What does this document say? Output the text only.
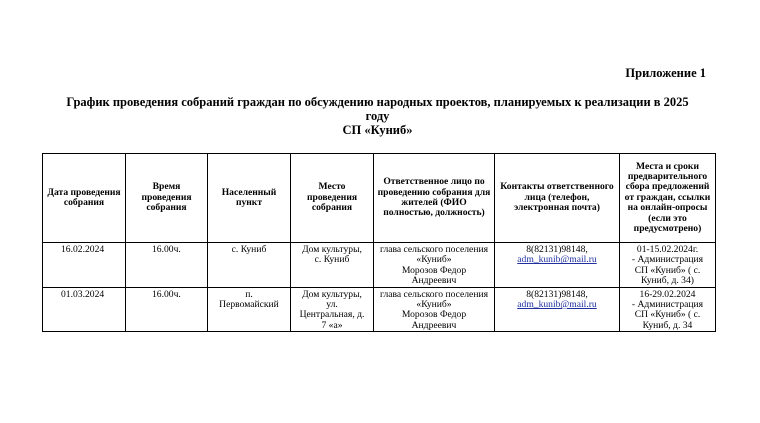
Приложение 1
График проведения собраний граждан по обсуждению народных проектов, планируемых к реализации в 2025
году
СП «Куниб»
Дата проведения собрания	Время проведения собрания	Населенный пункт	Место проведения собрания	Ответственное лицо по проведению собрания для жителей (ФИО полностью, должность)	Контакты ответственного лица (телефон, электронная почта)	Места и сроки предварительного сбора предложений от граждан, ссылки на онлайн-опросы (если это предусмотрено)
16.02.2024	16.00ч.	с. Куниб	Дом культуры,
с. Куниб	глава сельского поселения
«Куниб»
Морозов Федор
Андреевич	8(82131)98148,
adm_kunib@mail.ru	01-15.02.2024г.
- Администрация
СП «Куниб» ( с.
Куниб, д. 34)

01.03.2024	16.00ч.	п.
Первомайский	Дом культуры,
ул.
Центральная, д.
7 «а»	глава сельского поселения
«Куниб»
Морозов Федор
Андреевич	8(82131)98148,
adm_kunib@mail.ru	16-29.02.2024
- Администрация
СП «Куниб» ( с.
Куниб, д. 34
